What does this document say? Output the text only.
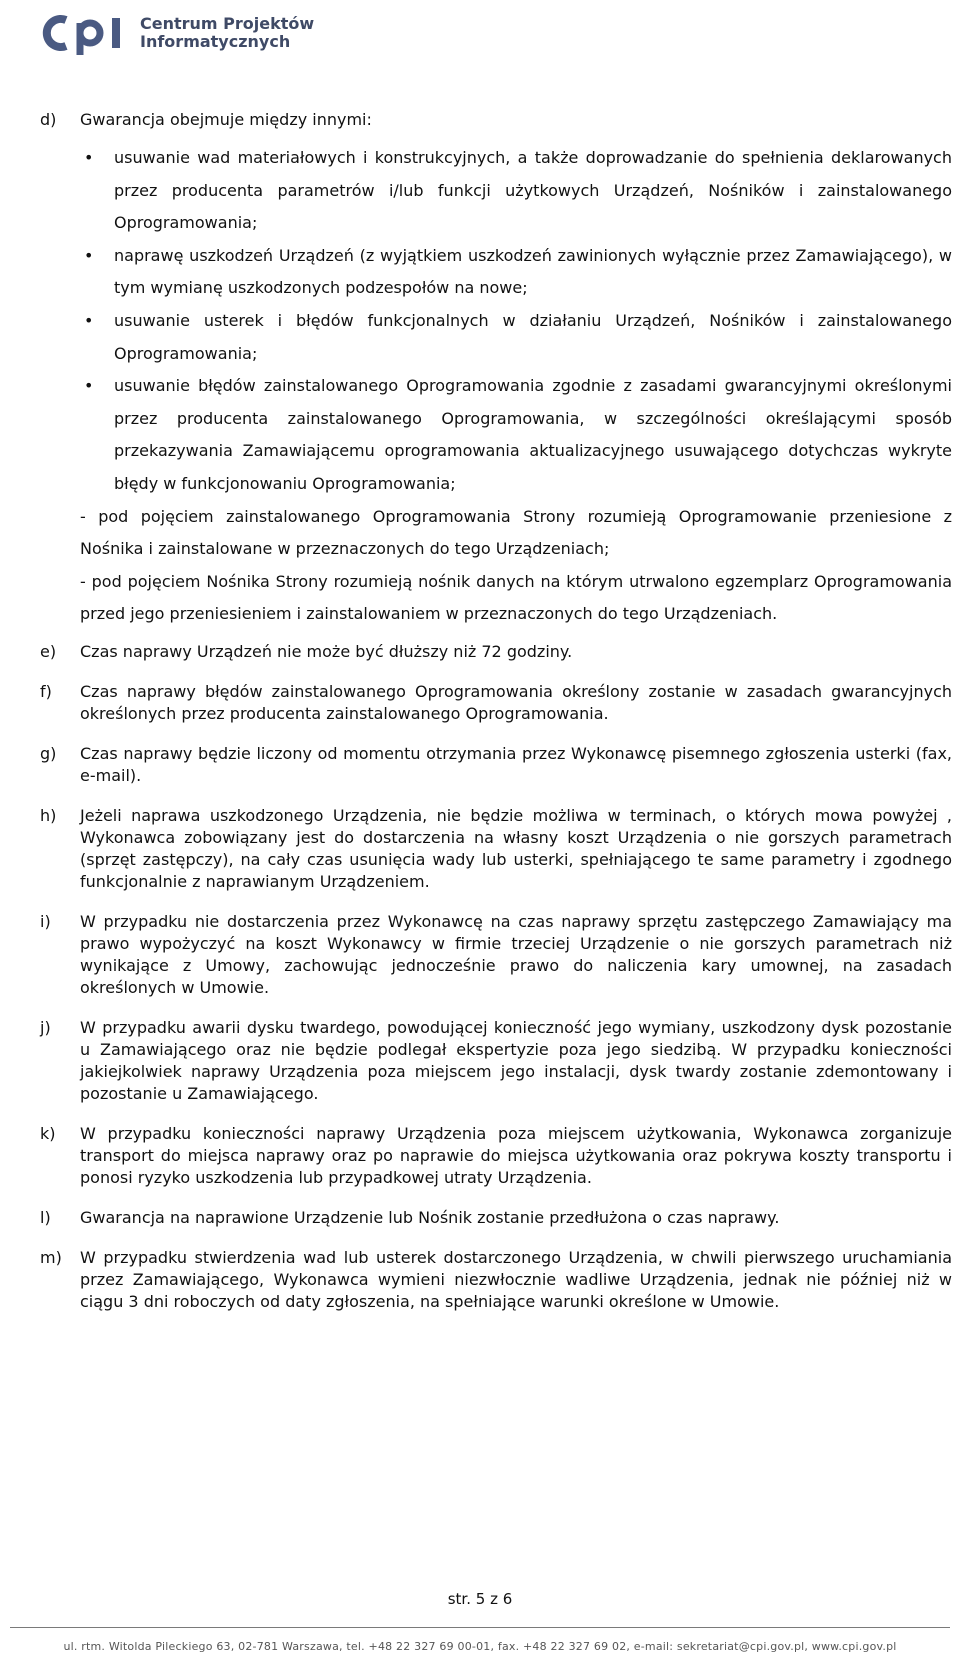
Centrum Projektów
Informatycznych
d)	Gwarancja obejmuje między innymi:
• usuwanie wad materiałowych i konstrukcyjnych, a także doprowadzanie do spełnienia deklarowanych przez producenta parametrów i/lub funkcji użytkowych Urządzeń, Nośników i zainstalowanego Oprogramowania;
• naprawę uszkodzeń Urządzeń (z wyjątkiem uszkodzeń zawinionych wyłącznie przez Zamawiającego), w tym wymianę uszkodzonych podzespołów na nowe;
• usuwanie usterek i błędów funkcjonalnych w działaniu Urządzeń, Nośników i zainstalowanego Oprogramowania;
• usuwanie błędów zainstalowanego Oprogramowania zgodnie z zasadami gwarancyjnymi określonymi przez producenta zainstalowanego Oprogramowania, w szczególności określającymi sposób przekazywania Zamawiającemu oprogramowania aktualizacyjnego usuwającego dotychczas wykryte błędy w funkcjonowaniu Oprogramowania;
- pod pojęciem zainstalowanego Oprogramowania Strony rozumieją Oprogramowanie przeniesione z Nośnika i zainstalowane w przeznaczonych do tego Urządzeniach;
- pod pojęciem Nośnika Strony rozumieją nośnik danych na którym utrwalono egzemplarz Oprogramowania przed jego przeniesieniem i zainstalowaniem w przeznaczonych do tego Urządzeniach.
e)	Czas naprawy Urządzeń nie może być dłuższy niż 72 godziny.
f)	Czas naprawy błędów zainstalowanego Oprogramowania określony zostanie w zasadach gwarancyjnych określonych przez producenta zainstalowanego Oprogramowania.
g)	Czas naprawy będzie liczony od momentu otrzymania przez Wykonawcę pisemnego zgłoszenia usterki (fax, e-mail).
h)	Jeżeli naprawa uszkodzonego Urządzenia, nie będzie możliwa w terminach, o których mowa powyżej , Wykonawca zobowiązany jest do dostarczenia na własny koszt Urządzenia o nie gorszych parametrach (sprzęt zastępczy), na cały czas usunięcia wady lub usterki, spełniającego te same parametry i zgodnego funkcjonalnie z naprawianym Urządzeniem.
i)	W przypadku nie dostarczenia przez Wykonawcę na czas naprawy sprzętu zastępczego Zamawiający ma prawo wypożyczyć na koszt Wykonawcy w firmie trzeciej Urządzenie o nie gorszych parametrach niż wynikające z Umowy, zachowując jednocześnie prawo do naliczenia kary umownej, na zasadach określonych w Umowie.
j)	W przypadku awarii dysku twardego, powodującej konieczność jego wymiany, uszkodzony dysk pozostanie u Zamawiającego oraz nie będzie podlegał ekspertyzie poza jego siedzibą. W przypadku konieczności jakiejkolwiek naprawy Urządzenia poza miejscem jego instalacji, dysk twardy zostanie zdemontowany i pozostanie u Zamawiającego.
k)	W przypadku konieczności naprawy Urządzenia poza miejscem użytkowania, Wykonawca zorganizuje transport do miejsca naprawy oraz po naprawie do miejsca użytkowania oraz pokrywa koszty transportu i ponosi ryzyko uszkodzenia lub przypadkowej utraty Urządzenia.
l)	Gwarancja na naprawione Urządzenie lub Nośnik zostanie przedłużona o czas naprawy.
m)	W przypadku stwierdzenia wad lub usterek dostarczonego Urządzenia, w chwili pierwszego uruchamiania przez Zamawiającego, Wykonawca wymieni niezwłocznie wadliwe Urządzenia, jednak nie później niż w ciągu 3 dni roboczych od daty zgłoszenia, na spełniające warunki określone w Umowie.
str. 5 z 6
ul. rtm. Witolda Pileckiego 63, 02-781 Warszawa, tel. +48 22 327 69 00-01, fax. +48 22 327 69 02, e-mail: sekretariat@cpi.gov.pl, www.cpi.gov.pl
